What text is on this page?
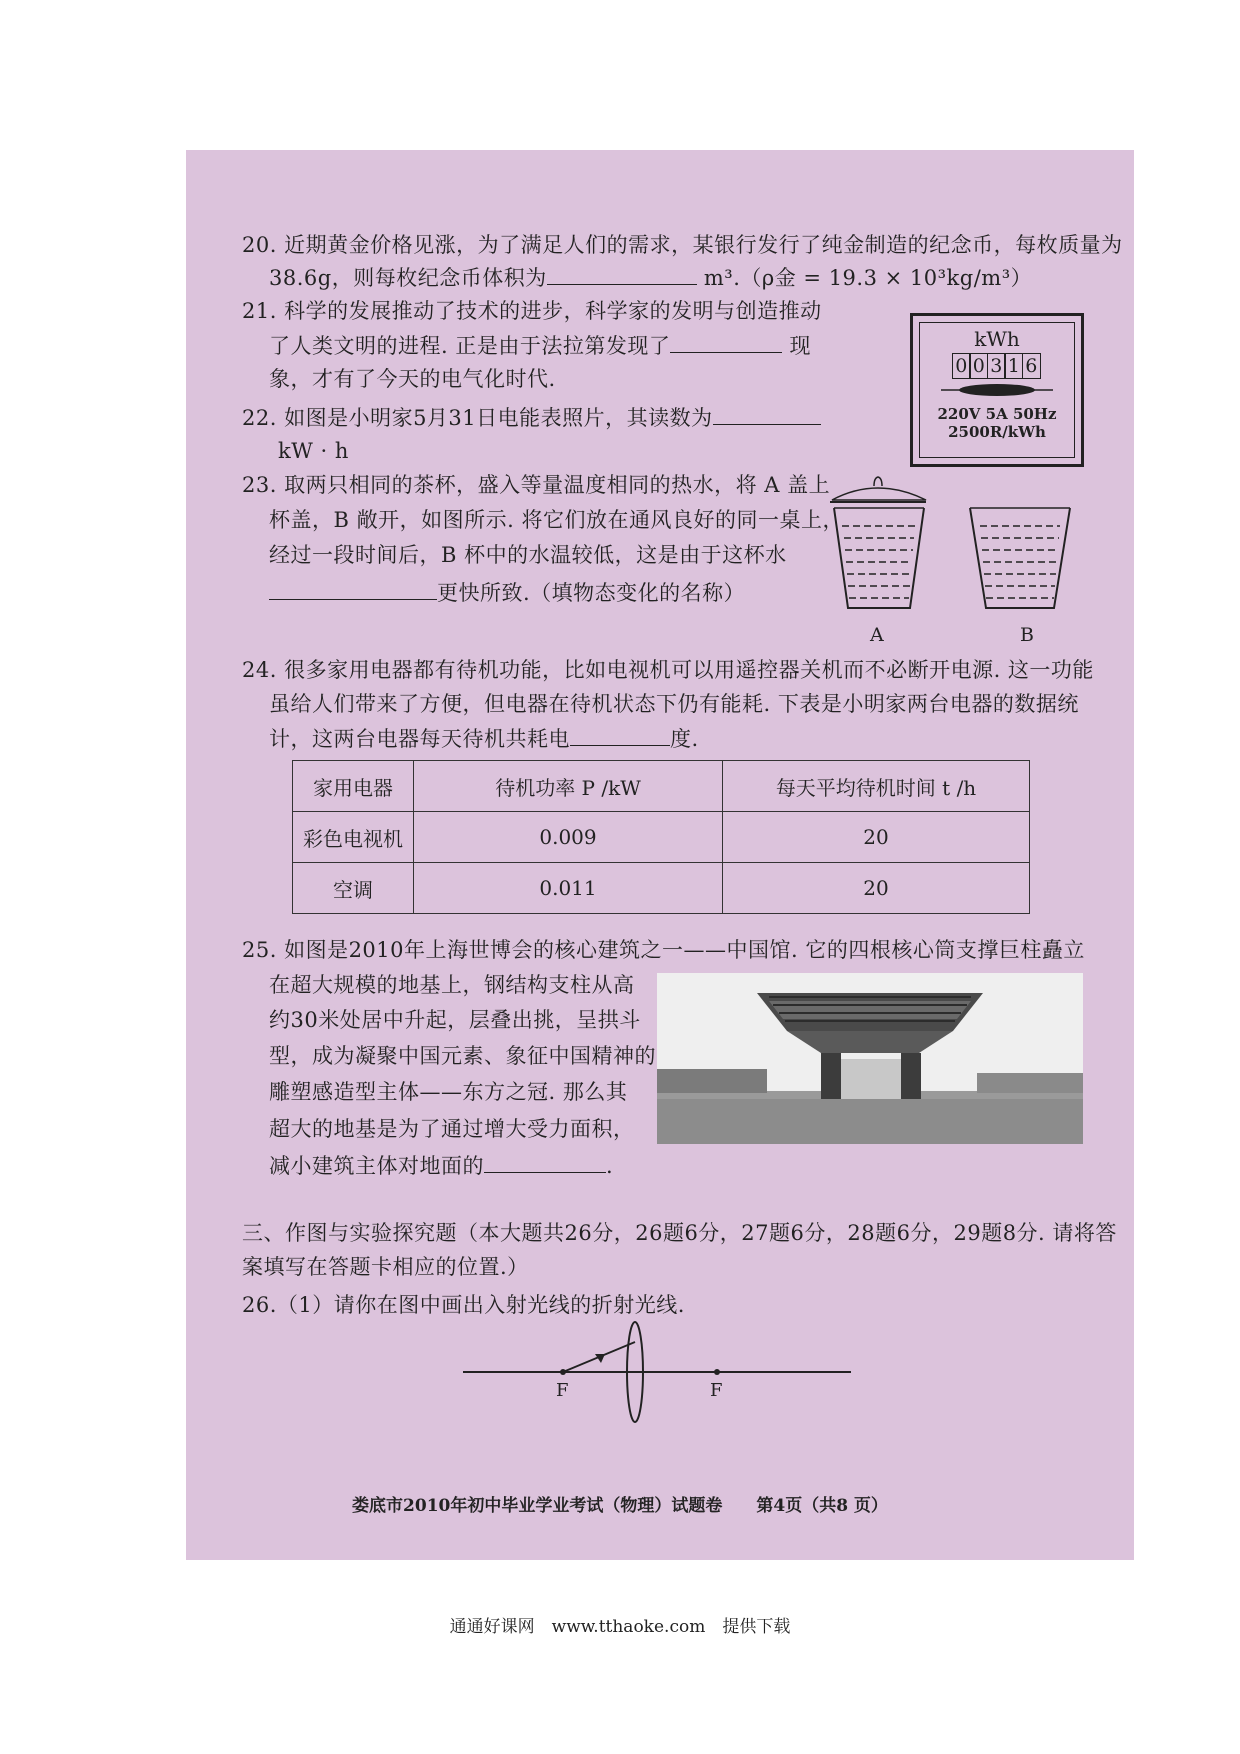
20. 近期黄金价格见涨，为了满足人们的需求，某银行发行了纯金制造的纪念币，每枚质量为
38.6g，则每枚纪念币体积为	m³.（ρ金 = 19.3 × 10³kg/m³）
21. 科学的发展推动了技术的进步，科学家的发明与创造推动
了人类文明的进程. 正是由于法拉第发现了	现
象，才有了今天的电气化时代.
kWh
0 0 3 1 6
220V 5A 50Hz
2500R/kWh
22. 如图是小明家5月31日电能表照片，其读数为
kW · h
23. 取两只相同的茶杯，盛入等量温度相同的热水，将 A 盖上
杯盖，B 敞开，如图所示. 将它们放在通风良好的同一桌上，
经过一段时间后，B 杯中的水温较低，这是由于这杯水
更快所致.（填物态变化的名称）
A	B
24. 很多家用电器都有待机功能，比如电视机可以用遥控器关机而不必断开电源. 这一功能
虽给人们带来了方便，但电器在待机状态下仍有能耗. 下表是小明家两台电器的数据统
计，这两台电器每天待机共耗电	度.
家用电器	待机功率 P /kW	每天平均待机时间 t /h
彩色电视机	0.009	20
空调	0.011	20
25. 如图是2010年上海世博会的核心建筑之一——中国馆. 它的四根核心筒支撑巨柱矗立
在超大规模的地基上，钢结构支柱从高
约30米处居中升起，层叠出挑，呈拱斗
型，成为凝聚中国元素、象征中国精神的
雕塑感造型主体——东方之冠. 那么其
超大的地基是为了通过增大受力面积，
减小建筑主体对地面的	.
三、作图与实验探究题（本大题共26分，26题6分，27题6分，28题6分，29题8分. 请将答
案填写在答题卡相应的位置.）
26.（1）请你在图中画出入射光线的折射光线.
F	F
娄底市2010年初中毕业学业考试（物理）试题卷　　第4页（共8 页）
通通好课网　www.tthaoke.com　提供下载
